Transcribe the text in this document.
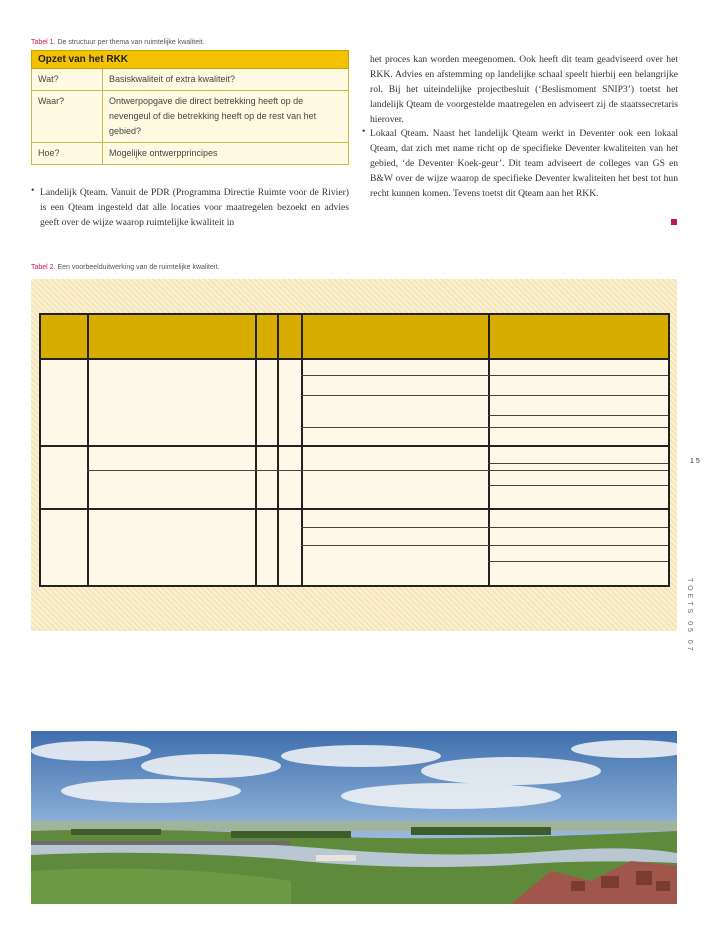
Tabel 1. De structuur per thema van ruimtelijke kwaliteit.
Opzet van het RKK	
Wat?	Basiskwaliteit of extra kwaliteit?
Waar?	Ontwerpopgave die direct betrekking heeft op de nevengeul of die betrekking heeft op de rest van het gebied?
Hoe?	Mogelijke ontwerpprincipes
• Landelijk Qteam. Vanuit de PDR (Programma Directie Ruimte voor de Rivier) is een Qteam ingesteld dat alle locaties voor maatregelen bezoekt en advies geeft over de wijze waarop ruimtelijke kwaliteit in
het proces kan worden meegenomen. Ook heeft dit team geadviseerd over het RKK. Advies en afstemming op landelijke schaal speelt hierbij een belangrijke rol. Bij het uiteindelijke projectbesluit (‘Beslismoment SNIP3’) toetst het landelijk Qteam de voorgestelde maatregelen en adviseert zij de staatssecretaris hierover.
• Lokaal Qteam. Naast het landelijk Qteam werkt in Deventer ook een lokaal Qteam, dat zich met name richt op de specifieke Deventer kwaliteiten van het gebied, ‘de Deventer Koek-geur’. Dit team adviseert de colleges van GS en B&W over de wijze waarop de specifieke Deventer kwaliteiten het best tot hun recht kunnen komen. Tevens toetst dit Qteam aan het RKK.
Tabel 2. Een voorbeelduitwerking van de ruimtelijke kwaliteit.
15
TOETS 05 07
